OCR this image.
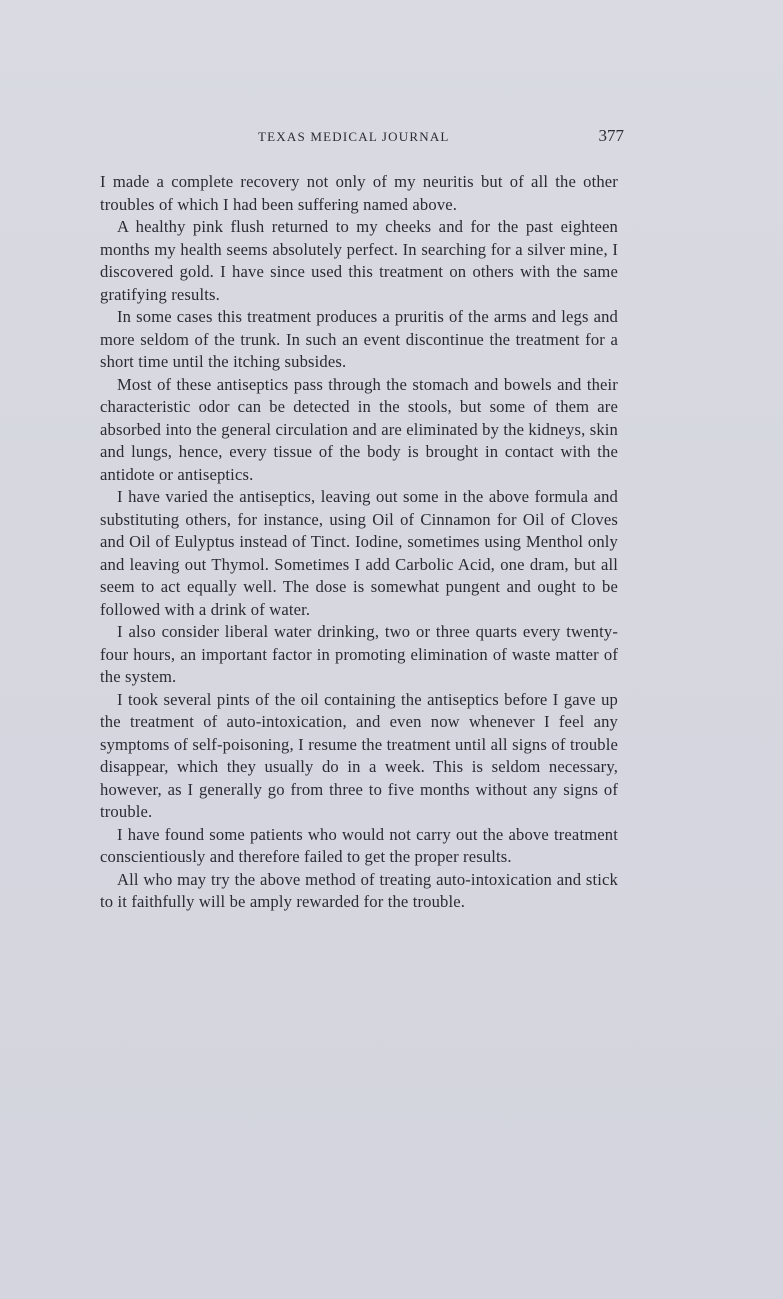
TEXAS MEDICAL JOURNAL	377

I made a complete recovery not only of my neuritis but of all the other troubles of which I had been suffering named above.

A healthy pink flush returned to my cheeks and for the past eighteen months my health seems absolutely perfect. In searching for a silver mine, I discovered gold. I have since used this treatment on others with the same gratifying results.

In some cases this treatment produces a pruritis of the arms and legs and more seldom of the trunk. In such an event discontinue the treatment for a short time until the itching subsides.

Most of these antiseptics pass through the stomach and bowels and their characteristic odor can be detected in the stools, but some of them are absorbed into the general circulation and are eliminated by the kidneys, skin and lungs, hence, every tissue of the body is brought in contact with the antidote or antiseptics.

I have varied the antiseptics, leaving out some in the above formula and substituting others, for instance, using Oil of Cinnamon for Oil of Cloves and Oil of Eulyptus instead of Tinct. Iodine, sometimes using Menthol only and leaving out Thymol. Sometimes I add Carbolic Acid, one dram, but all seem to act equally well. The dose is somewhat pungent and ought to be followed with a drink of water.

I also consider liberal water drinking, two or three quarts every twenty-four hours, an important factor in promoting elimination of waste matter of the system.

I took several pints of the oil containing the antiseptics before I gave up the treatment of auto-intoxication, and even now whenever I feel any symptoms of self-poisoning, I resume the treatment until all signs of trouble disappear, which they usually do in a week. This is seldom necessary, however, as I generally go from three to five months without any signs of trouble.

I have found some patients who would not carry out the above treatment conscientiously and therefore failed to get the proper results.

All who may try the above method of treating auto-intoxication and stick to it faithfully will be amply rewarded for the trouble.
